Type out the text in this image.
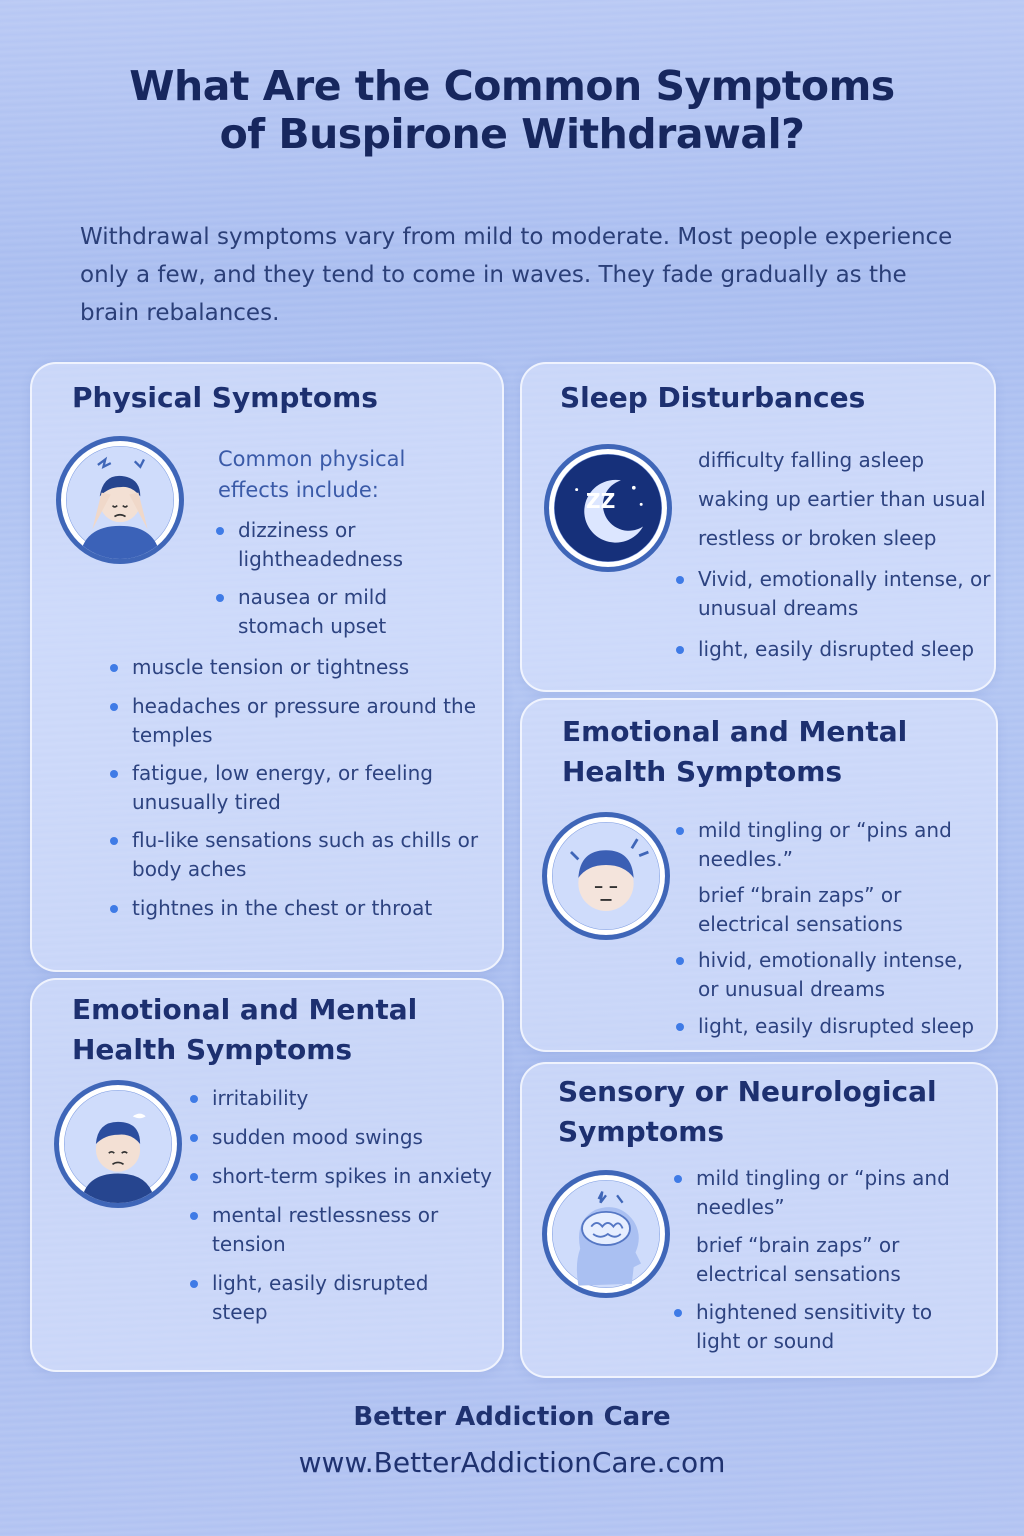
What Are the Common Symptoms
of Buspirone Withdrawal?

Withdrawal symptoms vary from mild to moderate. Most people experience only a few, and they tend to come in waves. They fade gradually as the brain rebalances.

Physical Symptoms
Common physical effects include:
dizziness or lightheadedness
nausea or mild stomach upset
muscle tension or tightness
headaches or pressure around the temples
fatigue, low energy, or feeling unusually tired
flu-like sensations such as chills or body aches
tightnes in the chest or throat
Sleep Disturbances
ZZ
difficulty falling asleep
waking up eartier than usual
restless or broken sleep
Vivid, emotionally intense, or unusual dreams
light, easily disrupted sleep
Emotional and Mental
Health Symptoms
mild tingling or “pins and needles.”
brief “brain zaps” or electrical sensations
hivid, emotionally intense, or unusual dreams
light, easily disrupted sleep
Emotional and Mental
Health Symptoms
irritability
sudden mood swings
short-term spikes in anxiety
mental restlessness or tension
light, easily disrupted steep
Sensory or Neurological
Symptoms
mild tingling or “pins and needles”
brief “brain zaps” or electrical sensations
hightened sensitivity to light or sound
Better Addiction Care
www.BetterAddictionCare.com
